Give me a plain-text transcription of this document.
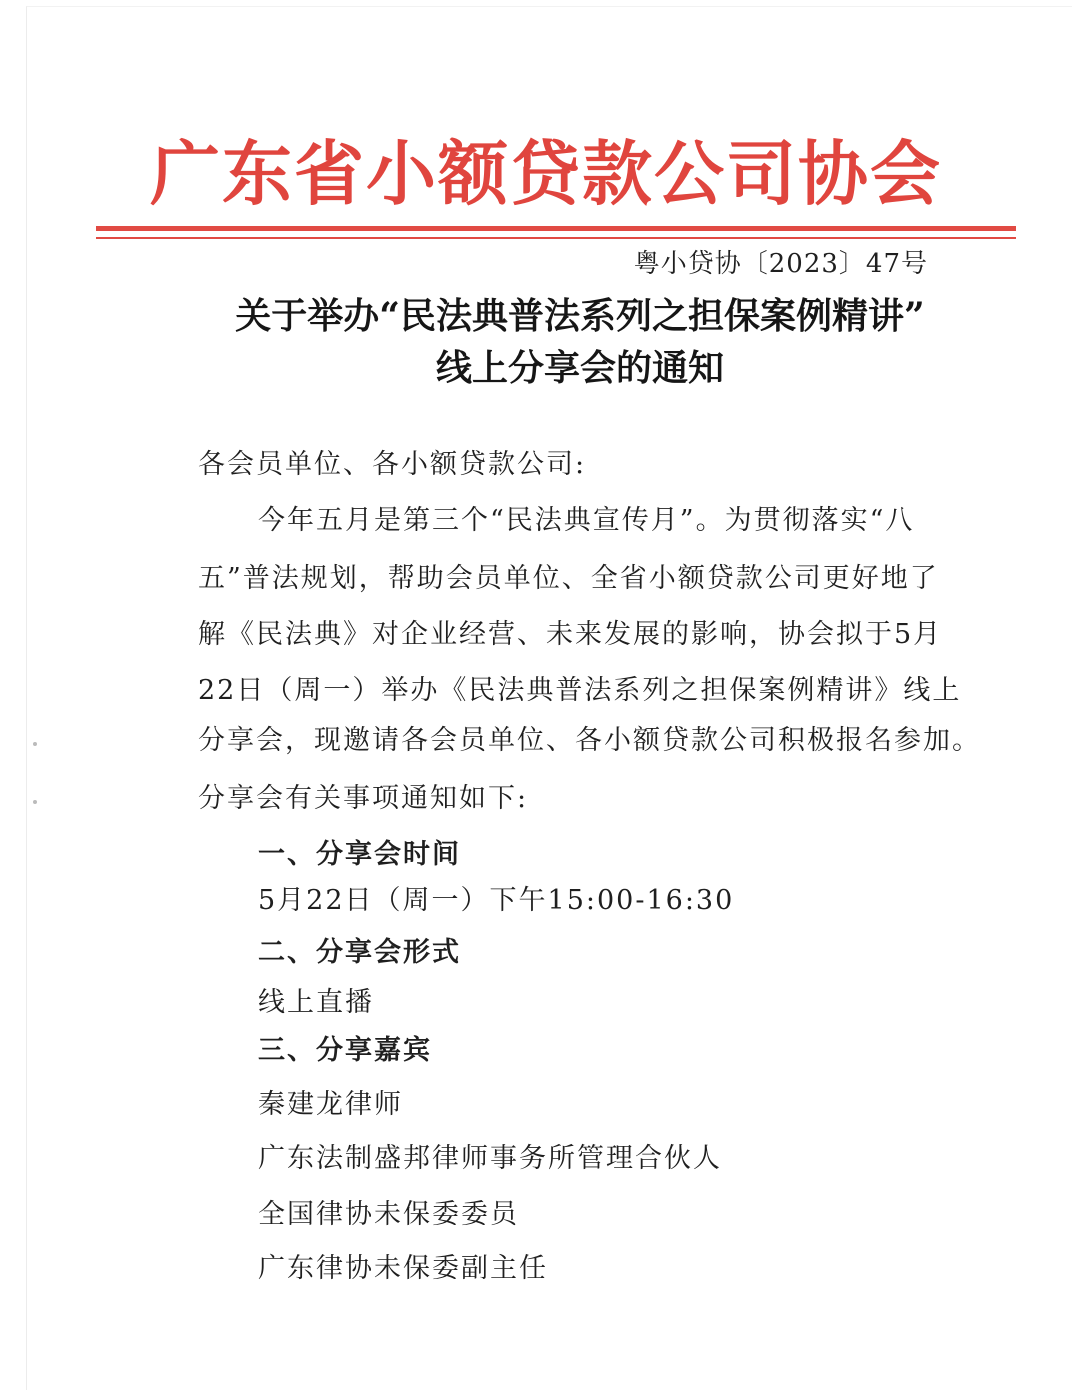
广东省小额贷款公司协会
粤小贷协〔2023〕47号
关于举办“民法典普法系列之担保案例精讲”
线上分享会的通知
各会员单位、各小额贷款公司:
今年五月是第三个“民法典宣传月”。为贯彻落实“八
五”普法规划，帮助会员单位、全省小额贷款公司更好地了
解《民法典》对企业经营、未来发展的影响，协会拟于5月
22日（周一）举办《民法典普法系列之担保案例精讲》线上
分享会，现邀请各会员单位、各小额贷款公司积极报名参加。
分享会有关事项通知如下:
一、分享会时间
5月22日（周一）下午15:00-16:30
二、分享会形式
线上直播
三、分享嘉宾
秦建龙律师
广东法制盛邦律师事务所管理合伙人
全国律协未保委委员
广东律协未保委副主任
